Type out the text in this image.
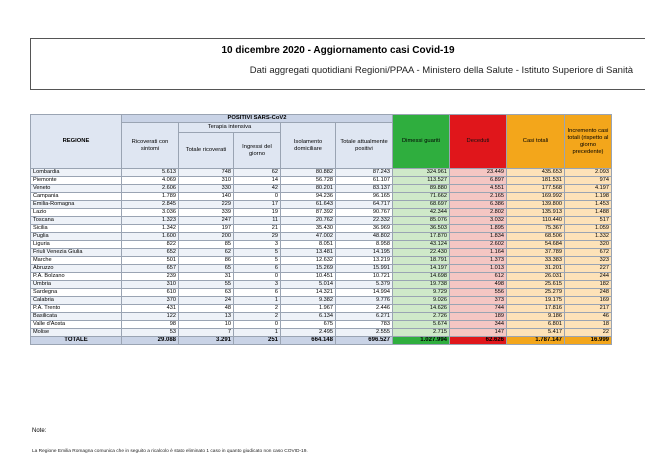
10 dicembre 2020 - Aggiornamento casi Covid-19
Dati aggregati quotidiani Regioni/PPAA - Ministero della Salute - Istituto Superiore di Sanità
REGIONE	POSITIVI SARS-CoV2					Dimessi guariti	Deceduti	Casi totali	Incremento casi totali (rispetto al giorno precedente)
	Ricoverati con sintomi	Terapia intensiva		Isolamento domiciliare	Totale attualmente positivi				
		Totale ricoverati	Ingressi del giorno						
Lombardia	5.613	748	62	80.882	87.243	324.961	23.449	435.653	2.093
Piemonte	4.069	310	14	56.728	61.107	113.527	6.897	181.531	974
Veneto	2.606	330	42	80.201	83.137	89.880	4.551	177.568	4.197
Campania	1.789	140	0	94.236	96.165	71.662	2.165	169.992	1.198
Emilia-Romagna	2.845	229	17	61.643	64.717	68.697	6.386	139.800	1.453
Lazio	3.036	339	19	87.392	90.767	42.344	2.802	135.913	1.488
Toscana	1.323	247	11	20.762	22.332	85.076	3.032	110.440	517
Sicilia	1.342	197	21	35.430	36.969	36.503	1.895	75.367	1.059
Puglia	1.600	200	29	47.002	48.802	17.870	1.834	68.506	1.332
Liguria	822	85	3	8.051	8.958	43.124	2.602	54.684	320
Friuli Venezia Giulia	652	62	5	13.481	14.195	22.430	1.164	37.789	672
Marche	501	86	5	12.632	13.219	18.791	1.373	33.383	323
Abruzzo	657	65	6	15.269	15.991	14.197	1.013	31.201	227
P.A. Bolzano	239	31	0	10.451	10.721	14.698	612	26.031	244
Umbria	310	55	3	5.014	5.379	19.738	498	25.615	182
Sardegna	610	63	6	14.321	14.994	9.729	556	25.279	248
Calabria	370	24	1	9.382	9.776	9.026	373	19.175	169
P.A. Trento	431	48	2	1.967	2.446	14.626	744	17.816	217
Basilicata	122	13	2	6.134	6.271	2.726	189	9.186	46
Valle d'Aosta	98	10	0	675	783	5.674	344	6.801	18
Molise	53	7	1	2.495	2.555	2.715	147	5.417	22
TOTALE	29.088	3.291	251	664.148	696.527	1.027.994	62.626	1.787.147	16.999
Note:
La Regione Emilia Romagna comunica che in seguito a ricalcolo è stato eliminato 1 caso in quanto giudicato non caso COVID-19.
